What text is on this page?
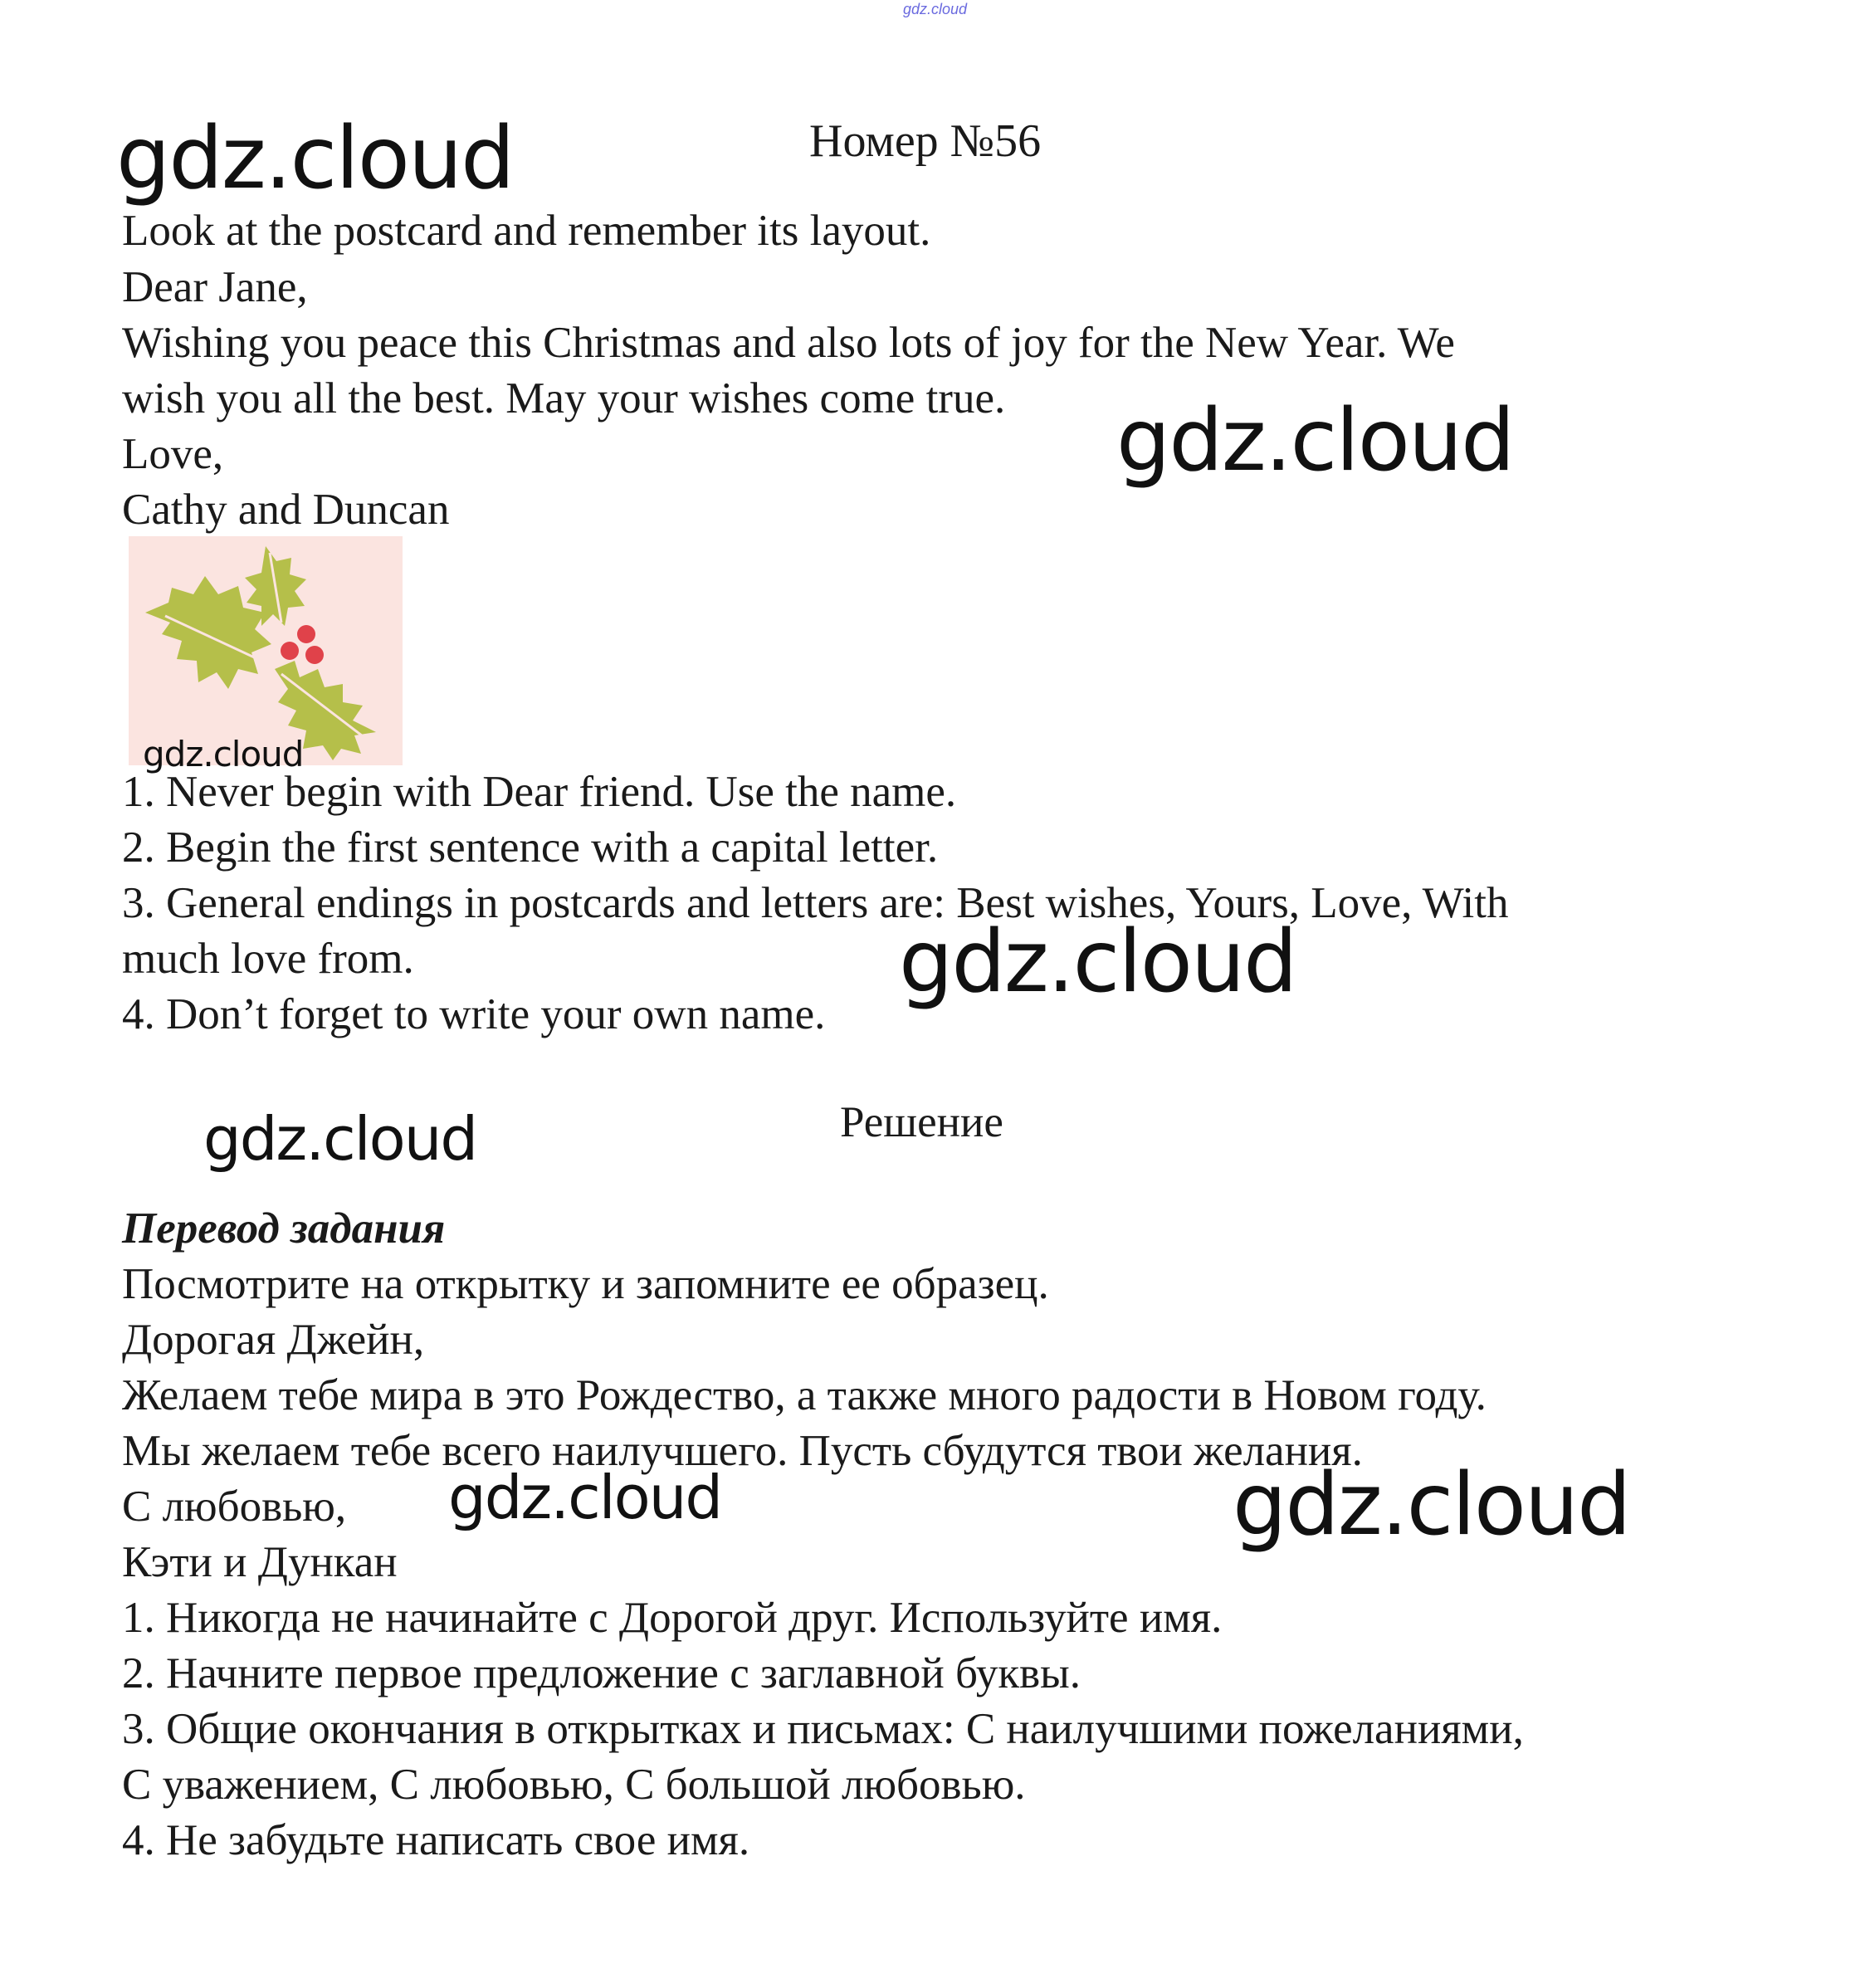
gdz.cloud
Номер №56

Look at the postcard and remember its layout.

Dear Jane,

Wishing you peace this Christmas and also lots of joy for the New Year. We

wish you all the best. May your wishes come true.

Love,

Cathy and Duncan

1. Never begin with Dear friend. Use the name.

2. Begin the first sentence with a capital letter.

3. General endings in postcards and letters are: Best wishes, Yours, Love, With

much love from.

4. Don’t forget to write your own name.

Решение

Перевод задания

Посмотрите на открытку и запомните ее образец.

Дорогая Джейн,

Желаем тебе мира в это Рождество, а также много радости в Новом году.

Мы желаем тебе всего наилучшего. Пусть сбудутся твои желания.

С любовью,

Кэти и Дункан

1. Никогда не начинайте с Дорогой друг. Используйте имя.

2. Начните первое предложение с заглавной буквы.

3. Общие окончания в открытках и письмах: С наилучшими пожеланиями,

С уважением, С любовью, С большой любовью.

4. Не забудьте написать свое имя.

gdz.cloud
gdz.cloud
gdz.cloud
gdz.cloud
gdz.cloud
gdz.cloud	gdz.cloud
